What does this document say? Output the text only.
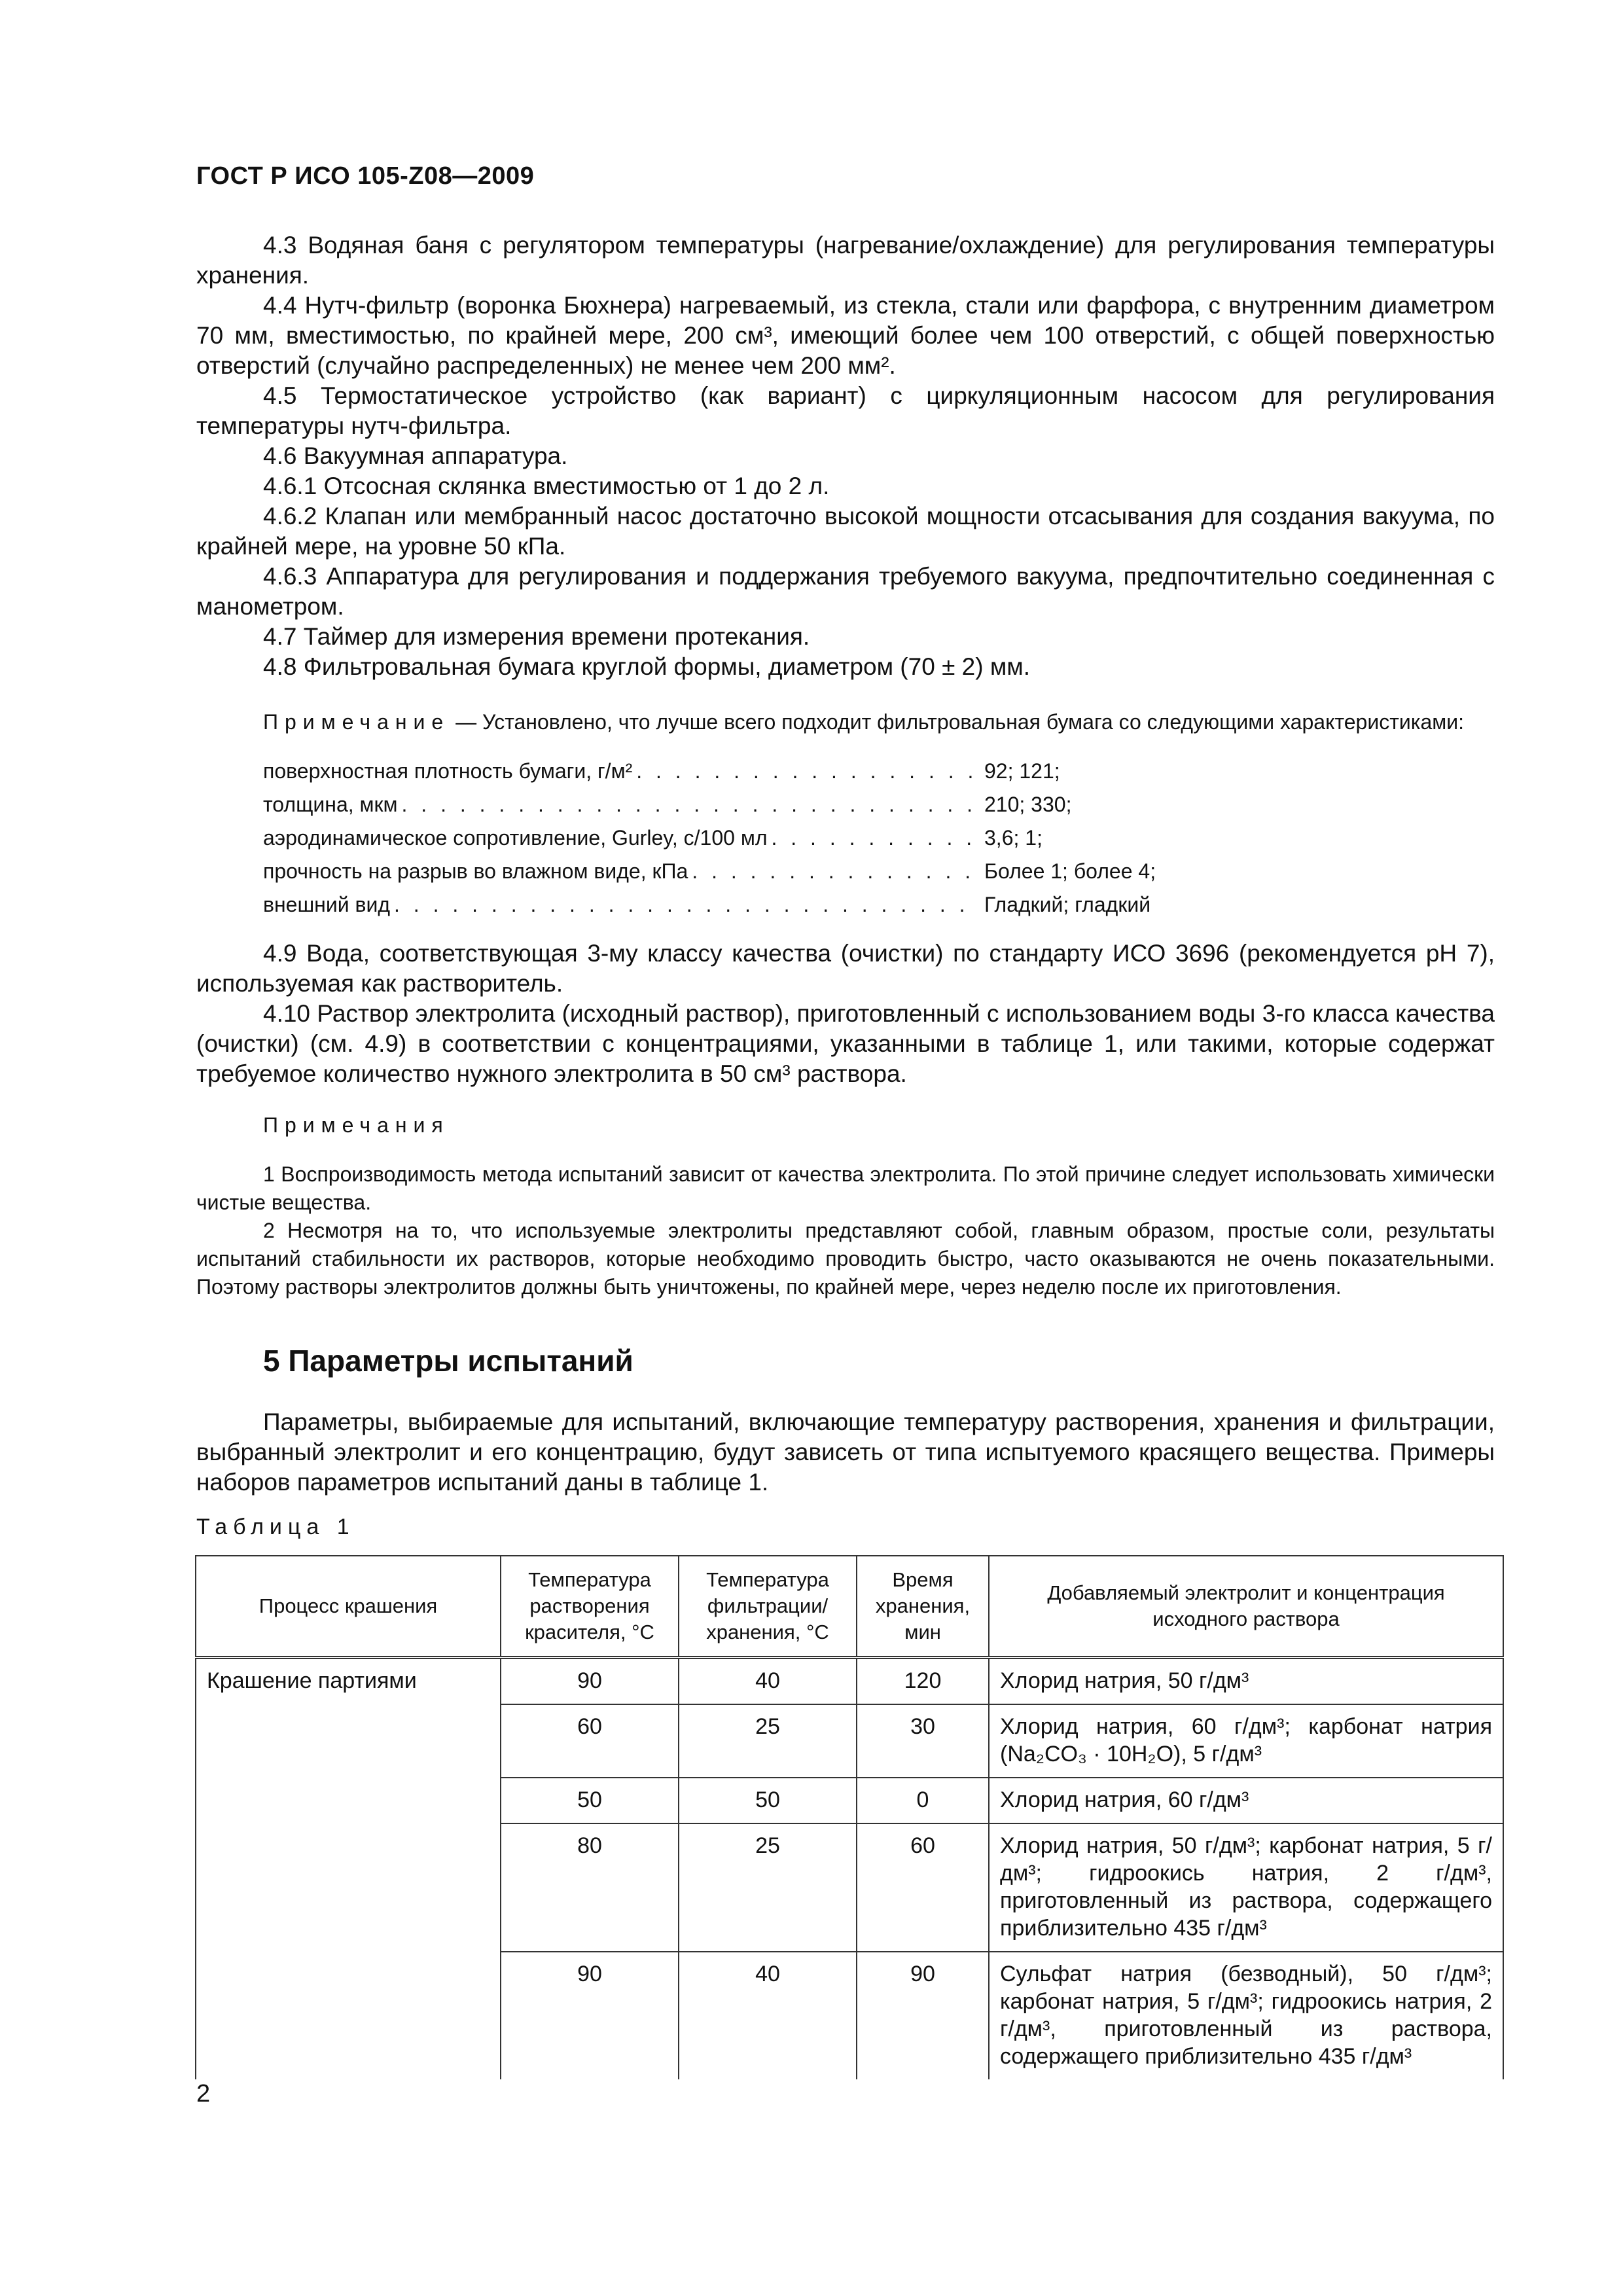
ГОСТ Р ИСО 105-Z08—2009

4.3 Водяная баня с регулятором температуры (нагревание/охлаждение) для регулирования температуры хранения.

4.4 Нутч-фильтр (воронка Бюхнера) нагреваемый, из стекла, стали или фарфора, с внутренним диаметром 70 мм, вместимостью, по крайней мере, 200 см³, имеющий более чем 100 отверстий, с общей поверхностью отверстий (случайно распределенных) не менее чем 200 мм².

4.5 Термостатическое устройство (как вариант) с циркуляционным насосом для регулирования температуры нутч-фильтра.

4.6 Вакуумная аппаратура.

4.6.1 Отсосная склянка вместимостью от 1 до 2 л.

4.6.2 Клапан или мембранный насос достаточно высокой мощности отсасывания для создания вакуума, по крайней мере, на уровне 50 кПа.

4.6.3 Аппаратура для регулирования и поддержания требуемого вакуума, предпочтительно соединенная с манометром.

4.7 Таймер для измерения времени протекания.

4.8 Фильтровальная бумага круглой формы, диаметром (70 ± 2) мм.

Примечание — Установлено, что лучше всего подходит фильтровальная бумага со следующими характеристиками:

поверхностная плотность бумаги, г/м² . . .	92; 121;
толщина, мкм . . .	210; 330;
аэродинамическое сопротивление, Gurley, с/100 мл . . .	3,6; 1;
прочность на разрыв во влажном виде, кПа . . .	Более 1; более 4;
внешний вид . . .	Гладкий; гладкий

4.9 Вода, соответствующая 3-му классу качества (очистки) по стандарту ИСО 3696 (рекомендуется pH 7), используемая как растворитель.

4.10 Раствор электролита (исходный раствор), приготовленный с использованием воды 3-го класса качества (очистки) (см. 4.9) в соответствии с концентрациями, указанными в таблице 1, или такими, которые содержат требуемое количество нужного электролита в 50 см³ раствора.

Примечания

1 Воспроизводимость метода испытаний зависит от качества электролита. По этой причине следует использовать химически чистые вещества.

2 Несмотря на то, что используемые электролиты представляют собой, главным образом, простые соли, результаты испытаний стабильности их растворов, которые необходимо проводить быстро, часто оказываются не очень показательными. Поэтому растворы электролитов должны быть уничтожены, по крайней мере, через неделю после их приготовления.

5 Параметры испытаний

Параметры, выбираемые для испытаний, включающие температуру растворения, хранения и фильтрации, выбранный электролит и его концентрацию, будут зависеть от типа испытуемого красящего вещества. Примеры наборов параметров испытаний даны в таблице 1.

Таблица 1
Процесс крашения	Температура растворения красителя, °С	Температура фильтрации/ хранения, °С	Время хранения, мин	Добавляемый электролит и концентрация исходного раствора
Крашение партиями	90	40	120	Хлорид натрия, 50 г/дм³
	60	25	30	Хлорид натрия, 60 г/дм³; карбонат натрия (Na₂CO₃ · 10H₂O), 5 г/дм³
	50	50	0	Хлорид натрия, 60 г/дм³
	80	25	60	Хлорид натрия, 50 г/дм³; карбонат натрия, 5 г/дм³; гидроокись натрия, 2 г/дм³, приготовленный из раствора, содержащего приблизительно 435 г/дм³
	90	40	90	Сульфат натрия (безводный), 50 г/дм³; карбонат натрия, 5 г/дм³; гидроокись натрия, 2 г/дм³, приготовленный из раствора, содержащего приблизительно 435 г/дм³
2
